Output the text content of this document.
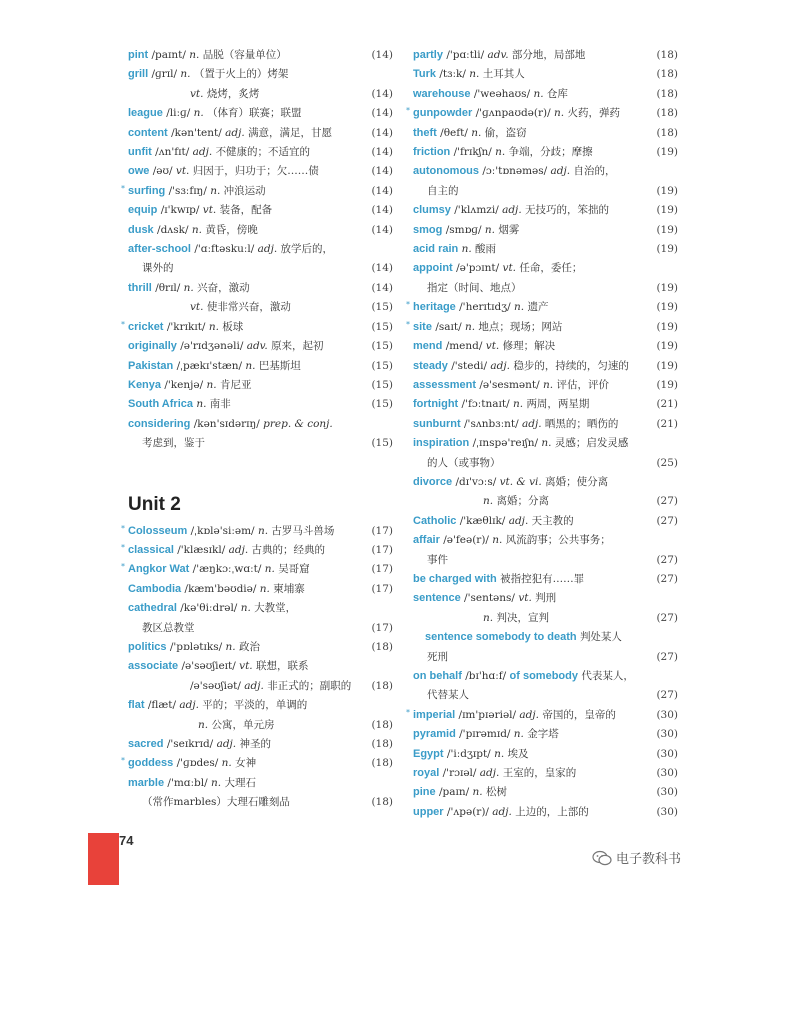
pint /paɪnt/ n. 品脱（容量单位）	(14)
grill /ɡrɪl/ n. （置于火上的）烤架
vt. 烧烤，炙烤	(14)
league /liːɡ/ n. （体育）联赛；联盟	(14)
content /kən'tent/ adj. 满意，满足，甘愿	(14)
unfit /ʌn'fɪt/ adj. 不健康的；不适宜的	(14)
owe /əʊ/ vt. 归因于，归功于；欠……债	(14)
* surfing /'sɜːfɪŋ/ n. 冲浪运动	(14)
equip /ɪ'kwɪp/ vt. 装备，配备	(14)
dusk /dʌsk/ n. 黄昏，傍晚	(14)
after-school /'ɑːftəskuːl/ adj. 放学后的，
课外的	(14)
thrill /θrɪl/ n. 兴奋，激动	(14)
vt. 使非常兴奋，激动	(15)
* cricket /'krɪkɪt/ n. 板球	(15)
originally /ə'rɪdʒənəli/ adv. 原来，起初	(15)
Pakistan /ˌpækɪ'stæn/ n. 巴基斯坦	(15)
Kenya /'kenjə/ n. 肯尼亚	(15)
South Africa n. 南非	(15)
considering /kən'sɪdərɪŋ/ prep. & conj.
考虑到，鉴于	(15)
Unit 2
* Colosseum /ˌkɒlə'siːəm/ n. 古罗马斗兽场	(17)
* classical /'klæsɪkl/ adj. 古典的；经典的	(17)
* Angkor Wat /'æŋkɔːˌwɑːt/ n. 吴哥窟	(17)
Cambodia /kæm'bəʊdiə/ n. 柬埔寨	(17)
cathedral /kə'θiːdrəl/ n. 大教堂，
教区总教堂	(17)
politics /'pɒlətɪks/ n. 政治	(18)
associate /ə'səʊʃieɪt/ vt. 联想，联系
/ə'səʊʃiət/ adj. 非正式的；副职的	(18)
flat /flæt/ adj. 平的；平淡的，单调的
n. 公寓，单元房	(18)
sacred /'seɪkrɪd/ adj. 神圣的	(18)
* goddess /'ɡɒdes/ n. 女神	(18)
marble /'mɑːbl/ n. 大理石
（常作marbles）大理石雕刻品	(18)
partly /'pɑːtli/ adv. 部分地，局部地	(18)
Turk /tɜːk/ n. 土耳其人	(18)
warehouse /'weəhaʊs/ n. 仓库	(18)
* gunpowder /'ɡʌnpaʊdə(r)/ n. 火药，弹药	(18)
theft /θeft/ n. 偷，盗窃	(18)
friction /'frɪkʃn/ n. 争端，分歧；摩擦	(19)
autonomous /ɔː'tɒnəməs/ adj. 自治的，
自主的	(19)
clumsy /'klʌmzi/ adj. 无技巧的，笨拙的	(19)
smog /smɒɡ/ n. 烟雾	(19)
acid rain n. 酸雨	(19)
appoint /ə'pɔɪnt/ vt. 任命，委任；
指定（时间、地点）	(19)
* heritage /'herɪtɪdʒ/ n. 遗产	(19)
* site /saɪt/ n. 地点；现场；网站	(19)
mend /mend/ vt. 修理；解决	(19)
steady /'stedi/ adj. 稳步的，持续的，匀速的	(19)
assessment /ə'sesmənt/ n. 评估，评价	(19)
fortnight /'fɔːtnaɪt/ n. 两周，两星期	(21)
sunburnt /'sʌnbɜːnt/ adj. 晒黑的；晒伤的	(21)
inspiration /ˌɪnspə'reɪʃn/ n. 灵感；启发灵感
的人（或事物）	(25)
divorce /dɪ'vɔːs/ vt. & vi. 离婚；使分离
n. 离婚；分离	(27)
Catholic /'kæθlɪk/ adj. 天主教的	(27)
affair /ə'feə(r)/ n. 风流韵事；公共事务；
事件	(27)
be charged with 被指控犯有……罪	(27)
sentence /'sentəns/ vt. 判刑
n. 判决，宣判	(27)
sentence somebody to death 判处某人
死刑	(27)
on behalf /bɪ'hɑːf/ of somebody 代表某人，
代替某人	(27)
* imperial /ɪm'pɪəriəl/ adj. 帝国的，皇帝的	(30)
pyramid /'pɪrəmɪd/ n. 金字塔	(30)
Egypt /'iːdʒɪpt/ n. 埃及	(30)
royal /'rɔɪəl/ adj. 王室的，皇家的	(30)
pine /paɪn/ n. 松树	(30)
upper /'ʌpə(r)/ adj. 上边的，上部的	(30)
74
电子教科书
